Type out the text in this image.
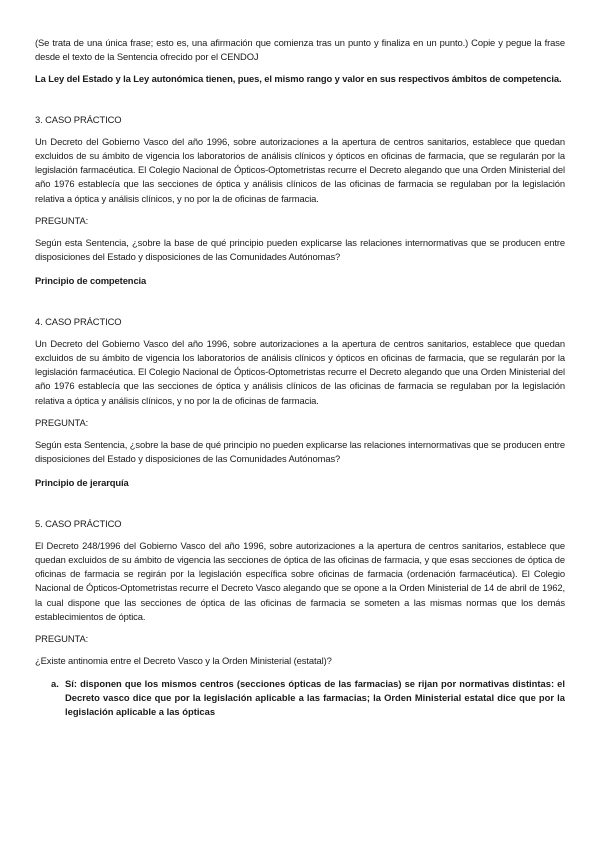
(Se trata de una única frase; esto es, una afirmación que comienza tras un punto y finaliza en un punto.) Copie y pegue la frase desde el texto de la Sentencia ofrecido por el CENDOJ

La Ley del Estado y la Ley autonómica tienen, pues, el mismo rango y valor en sus respectivos ámbitos de competencia.

3. CASO PRÁCTICO

Un Decreto del Gobierno Vasco del año 1996, sobre autorizaciones a la apertura de centros sanitarios, establece que quedan excluidos de su ámbito de vigencia los laboratorios de análisis clínicos y ópticos en oficinas de farmacia, que se regularán por la legislación farmacéutica. El Colegio Nacional de Ópticos-Optometristas recurre el Decreto alegando que una Orden Ministerial del año 1976 establecía que las secciones de óptica y análisis clínicos de las oficinas de farmacia se regulaban por la legislación relativa a óptica y análisis clínicos, y no por la de oficinas de farmacia.

PREGUNTA:

Según esta Sentencia, ¿sobre la base de qué principio pueden explicarse las relaciones internormativas que se producen entre disposiciones del Estado y disposiciones de las Comunidades Autónomas?

Principio de competencia

4. CASO PRÁCTICO

Un Decreto del Gobierno Vasco del año 1996, sobre autorizaciones a la apertura de centros sanitarios, establece que quedan excluidos de su ámbito de vigencia los laboratorios de análisis clínicos y ópticos en oficinas de farmacia, que se regularán por la legislación farmacéutica. El Colegio Nacional de Ópticos-Optometristas recurre el Decreto alegando que una Orden Ministerial del año 1976 establecía que las secciones de óptica y análisis clínicos de las oficinas de farmacia se regulaban por la legislación relativa a óptica y análisis clínicos, y no por la de oficinas de farmacia.

PREGUNTA:

Según esta Sentencia, ¿sobre la base de qué principio no pueden explicarse las relaciones internormativas que se producen entre disposiciones del Estado y disposiciones de las Comunidades Autónomas?

Principio de jerarquía

5. CASO PRÁCTICO

El Decreto 248/1996 del Gobierno Vasco del año 1996, sobre autorizaciones a la apertura de centros sanitarios, establece que quedan excluidos de su ámbito de vigencia las secciones de óptica de las oficinas de farmacia, y que esas secciones de óptica de oficinas de farmacia se regirán por la legislación específica sobre oficinas de farmacia (ordenación farmacéutica). El Colegio Nacional de Ópticos-Optometristas recurre el Decreto Vasco alegando que se opone a la Orden Ministerial de 14 de abril de 1962, la cual dispone que las secciones de óptica de las oficinas de farmacia se someten a las mismas normas que los demás establecimientos de óptica.

PREGUNTA:

¿Existe antinomia entre el Decreto Vasco y la Orden Ministerial (estatal)?

a. Sí: disponen que los mismos centros (secciones ópticas de las farmacias) se rijan por normativas distintas: el Decreto vasco dice que por la legislación aplicable a las farmacias; la Orden Ministerial estatal dice que por la legislación aplicable a las ópticas
